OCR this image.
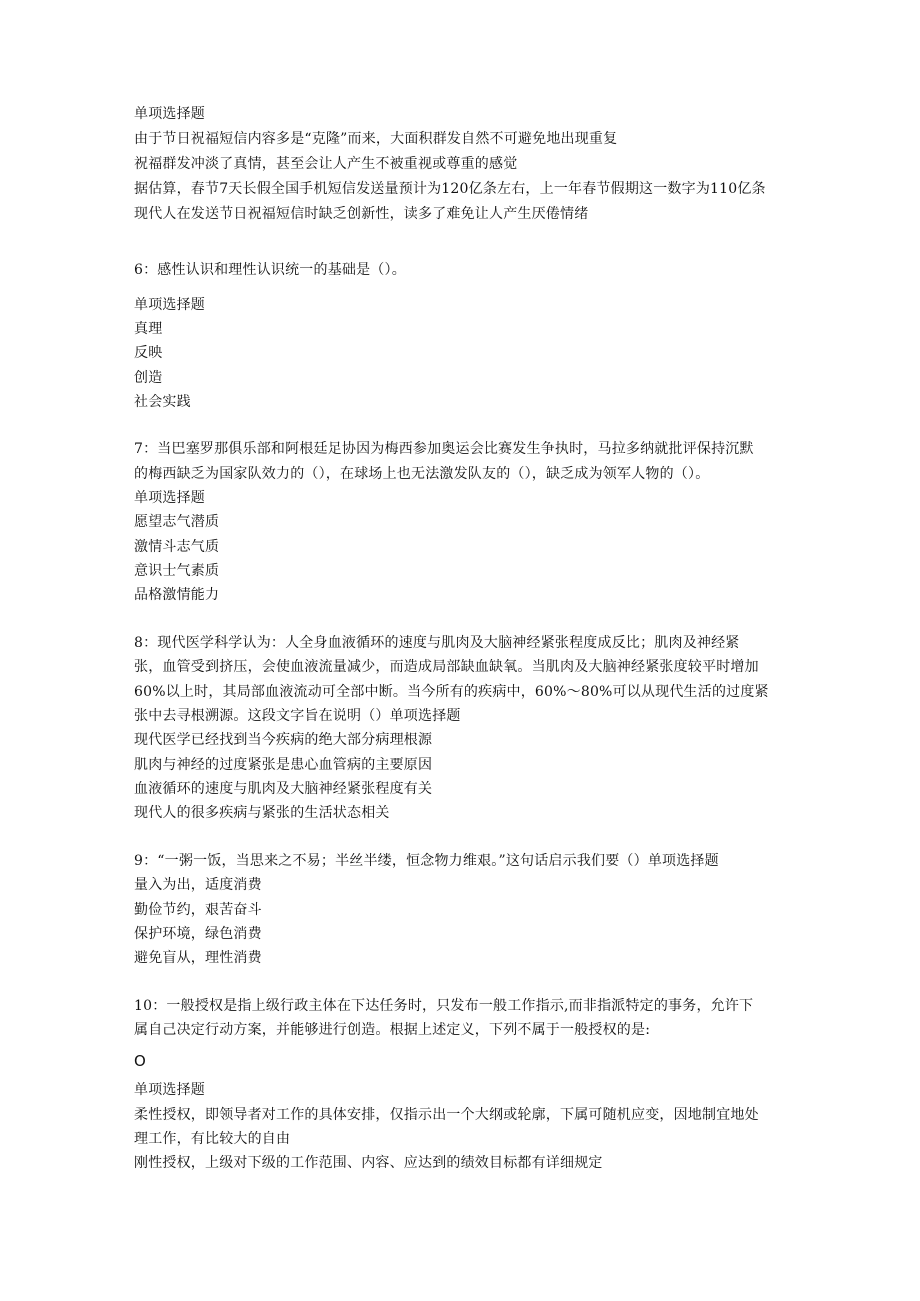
单项选择题
由于节日祝福短信内容多是“克隆”而来，大面积群发自然不可避免地出现重复
祝福群发冲淡了真情，甚至会让人产生不被重视或尊重的感觉
据估算，春节7天长假全国手机短信发送量预计为120亿条左右，上一年春节假期这一数字为110亿条
现代人在发送节日祝福短信时缺乏创新性，读多了难免让人产生厌倦情绪
6：感性认识和理性认识统一的基础是（）。
单项选择题
真理
反映
创造
社会实践
7：当巴塞罗那俱乐部和阿根廷足协因为梅西参加奥运会比赛发生争执时，马拉多纳就批评保持沉默
的梅西缺乏为国家队效力的（），在球场上也无法激发队友的（），缺乏成为领军人物的（）。
单项选择题
愿望志气潜质
激情斗志气质
意识士气素质
品格激情能力
8：现代医学科学认为：人全身血液循环的速度与肌肉及大脑神经紧张程度成反比；肌肉及神经紧
张，血管受到挤压，会使血液流量减少，而造成局部缺血缺氧。当肌肉及大脑神经紧张度较平时增加
60%以上时，其局部血液流动可全部中断。当今所有的疾病中，60%～80%可以从现代生活的过度紧
张中去寻根溯源。这段文字旨在说明（）单项选择题
现代医学已经找到当今疾病的绝大部分病理根源
肌肉与神经的过度紧张是患心血管病的主要原因
血液循环的速度与肌肉及大脑神经紧张程度有关
现代人的很多疾病与紧张的生活状态相关
9：“一粥一饭，当思来之不易；半丝半缕，恒念物力维艰。”这句话启示我们要（）单项选择题
量入为出，适度消费
勤俭节约，艰苦奋斗
保护环境，绿色消费
避免盲从，理性消费
10：一般授权是指上级行政主体在下达任务时，只发布一般工作指示,而非指派特定的事务，允许下
属自己决定行动方案，并能够进行创造。根据上述定义，下列不属于一般授权的是:
O
单项选择题
柔性授权，即领导者对工作的具体安排，仅指示出一个大纲或轮廓，下属可随机应变，因地制宜地处
理工作，有比较大的自由
刚性授权，上级对下级的工作范围、内容、应达到的绩效目标都有详细规定
